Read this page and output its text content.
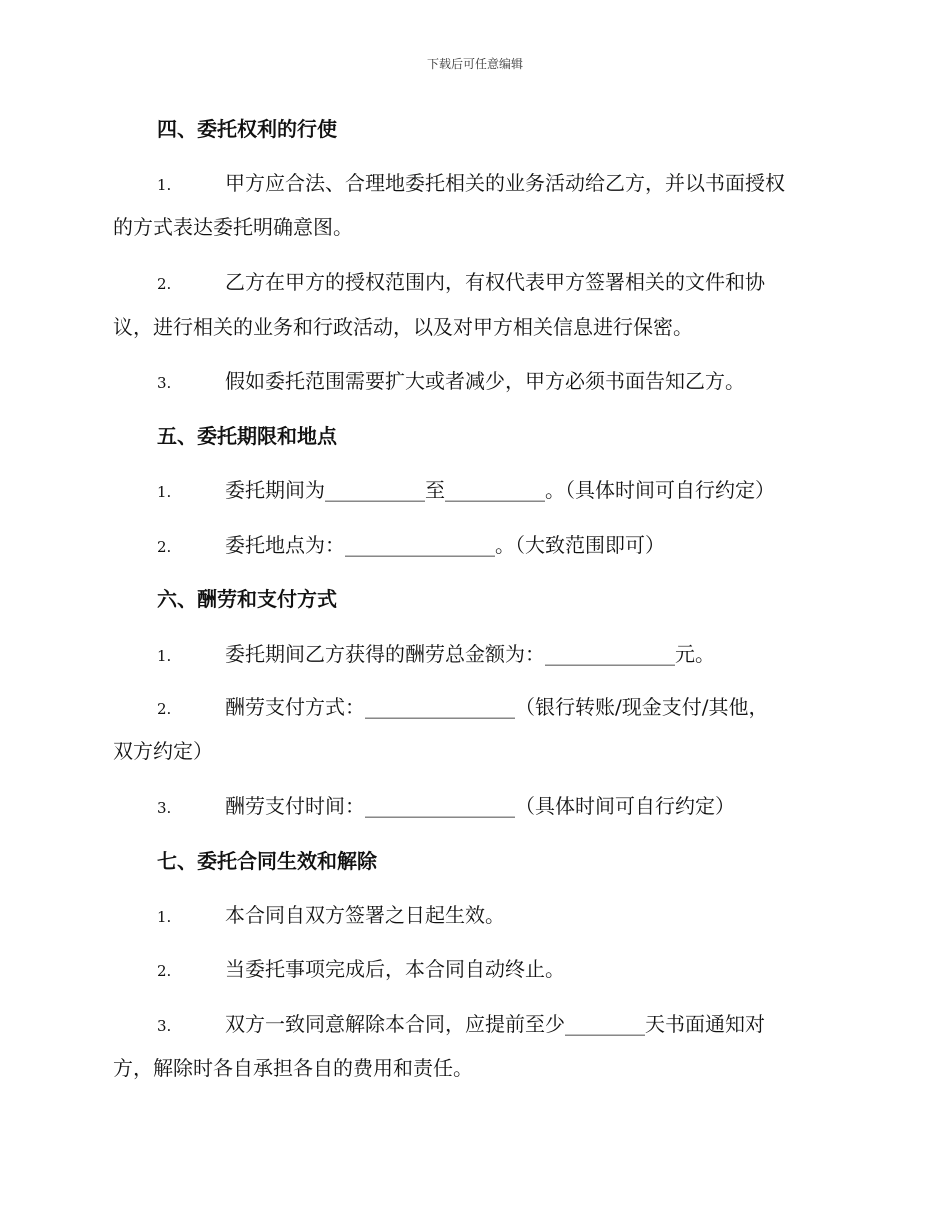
下载后可任意编辑
四、委托权利的行使
1.	甲方应合法、合理地委托相关的业务活动给乙方，并以书面授权
的方式表达委托明确意图。
2.	乙方在甲方的授权范围内，有权代表甲方签署相关的文件和协
议，进行相关的业务和行政活动，以及对甲方相关信息进行保密。
3.	假如委托范围需要扩大或者减少，甲方必须书面告知乙方。
五、委托期限和地点
1.	委托期间为__________至__________。（具体时间可自行约定）
2.	委托地点为：_______________。（大致范围即可）
六、酬劳和支付方式
1.	委托期间乙方获得的酬劳总金额为：_____________元。
2.	酬劳支付方式：_______________（银行转账/现金支付/其他，
双方约定）
3.	酬劳支付时间：_______________（具体时间可自行约定）
七、委托合同生效和解除
1.	本合同自双方签署之日起生效。
2.	当委托事项完成后，本合同自动终止。
3.	双方一致同意解除本合同，应提前至少________天书面通知对
方，解除时各自承担各自的费用和责任。
